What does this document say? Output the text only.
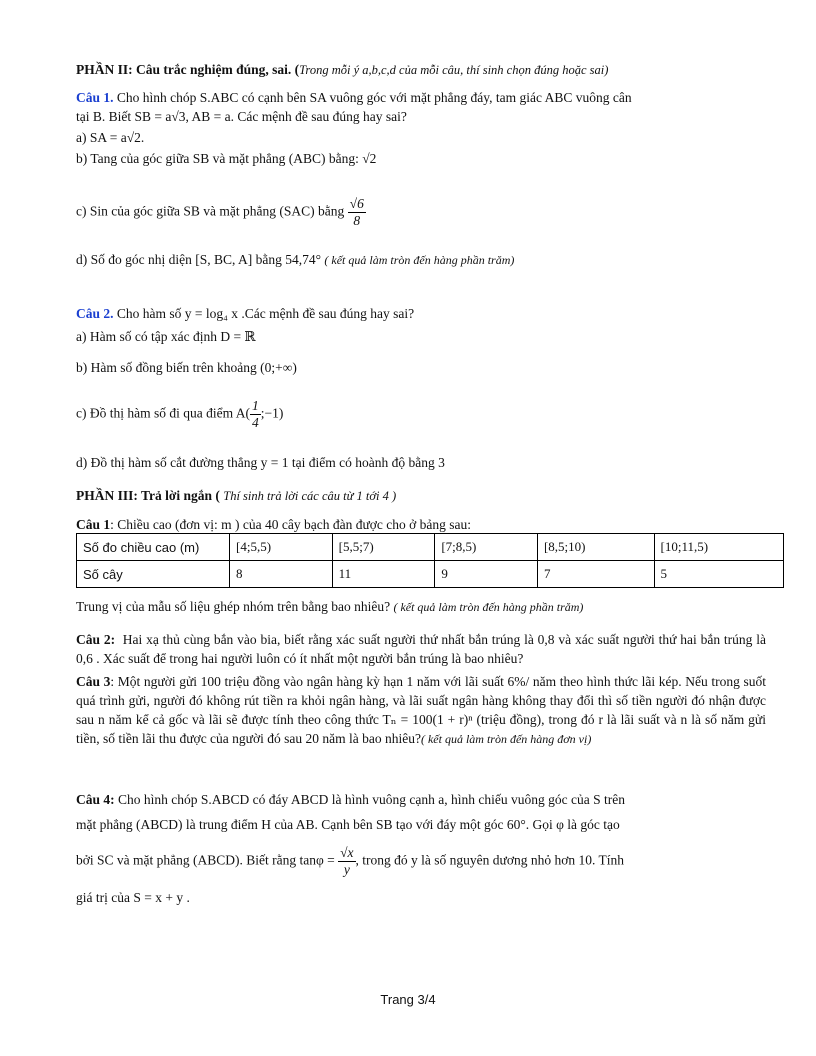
PHẦN II: Câu trắc nghiệm đúng, sai. (Trong mỗi ý a,b,c,d của mỗi câu, thí sinh chọn đúng hoặc sai)
Câu 1. Cho hình chóp S.ABC có cạnh bên SA vuông góc với mặt phẳng đáy, tam giác ABC vuông cân
tại B. Biết SB = a√3, AB = a. Các mệnh đề sau đúng hay sai?
a) SA = a√2.
b) Tang của góc giữa SB và mặt phẳng (ABC) bằng: √2
c) Sin của góc giữa SB và mặt phẳng (SAC) bằng $\frac{√6}{8}$
d) Số đo góc nhị diện [S, BC, A] bằng 54,74° ( kết quả làm tròn đến hàng phần trăm)
Câu 2. Cho hàm số y = log₄ x .Các mệnh đề sau đúng hay sai?
a) Hàm số có tập xác định D = ℝ
b) Hàm số đồng biến trên khoảng (0;+∞)
c) Đồ thị hàm số đi qua điểm $A( \frac{1}{4}$ ;−1)
d) Đồ thị hàm số cắt đường thẳng y = 1 tại điểm có hoành độ bằng 3
PHẦN III: Trả lời ngắn ( Thí sinh trả lời các câu từ 1 tới 4 )
Câu 1: Chiều cao (đơn vị: m ) của 40 cây bạch đàn được cho ở bảng sau:
Số đo chiều cao (m)	[4;5,5)	[5,5;7)	[7;8,5)	[8,5;10)	[10;11,5)
Số cây	8	11	9	7	5
Trung vị của mẫu số liệu ghép nhóm trên bằng bao nhiêu? ( kết quả làm tròn đến hàng phần trăm)
Câu 2: Hai xạ thủ cùng bắn vào bia, biết rằng xác suất người thứ nhất bắn trúng là 0,8 và xác suất người thứ hai bắn trúng là 0,6 . Xác suất để trong hai người luôn có ít nhất một người bắn trúng là bao nhiêu?
Câu 3: Một người gửi 100 triệu đồng vào ngân hàng kỳ hạn 1 năm với lãi suất 6%/ năm theo hình thức lãi kép. Nếu trong suốt quá trình gửi, người đó không rút tiền ra khỏi ngân hàng, và lãi suất ngân hàng không thay đổi thì số tiền người đó nhận được sau n năm kể cả gốc và lãi sẽ được tính theo công thức Tₙ = 100(1 + r)ⁿ (triệu đồng), trong đó r là lãi suất và n là số năm gửi tiền, số tiền lãi thu được của người đó sau 20 năm là bao nhiêu?( kết quả làm tròn đến hàng đơn vị)
Câu 4: Cho hình chóp S.ABCD có đáy ABCD là hình vuông cạnh a, hình chiếu vuông góc của S trên
mặt phẳng (ABCD) là trung điểm H của AB. Cạnh bên SB tạo với đáy một góc 60°. Gọi φ là góc tạo
bởi SC và mặt phẳng (ABCD). Biết rằng $\tan\varphi = \frac{√x}{y}$ , trong đó y là số nguyên dương nhỏ hơn 10. Tính
giá trị của S = x + y .
Trang 3/4
